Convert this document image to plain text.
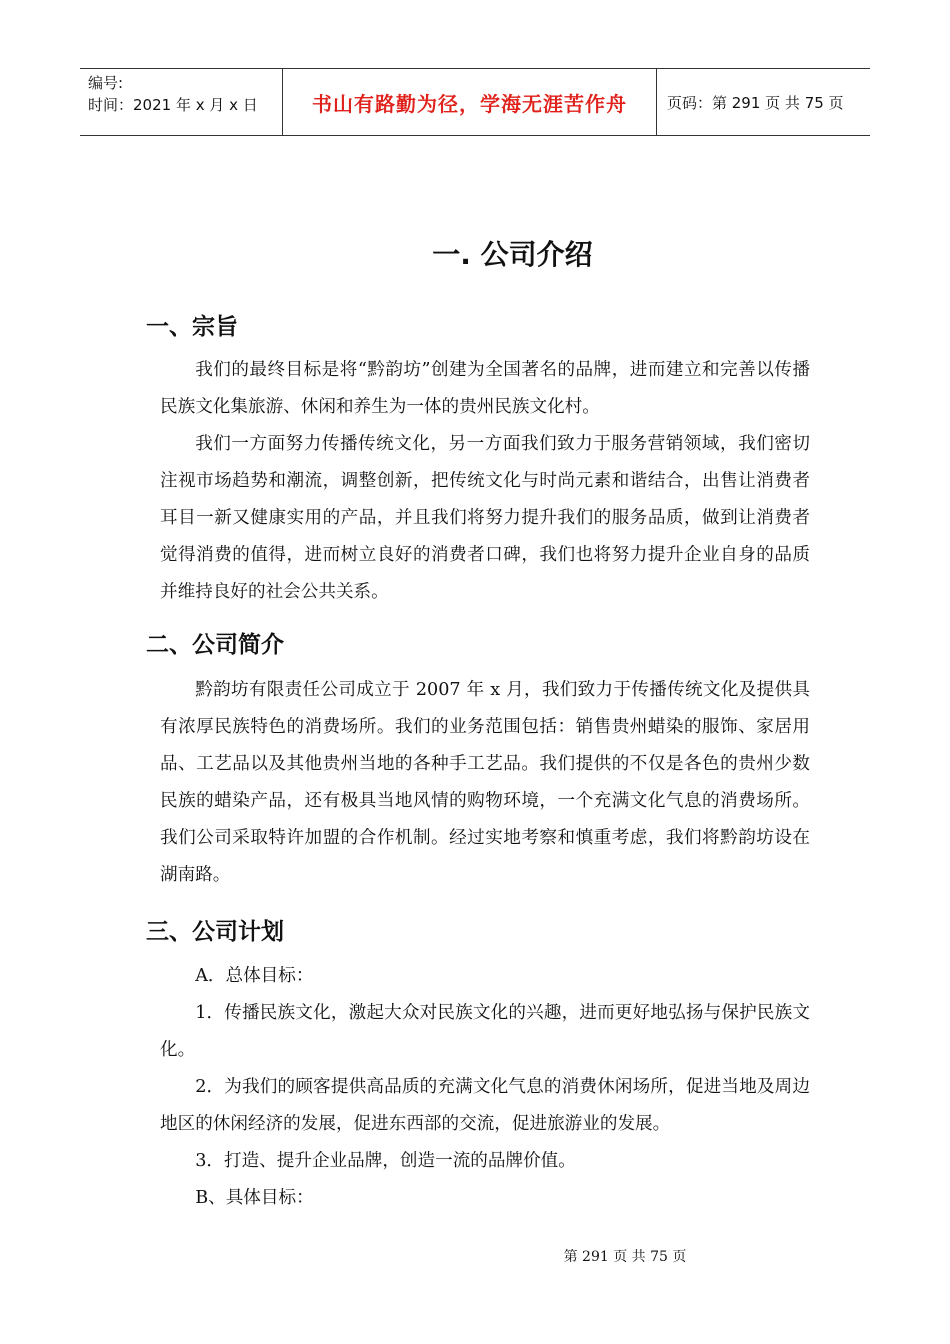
编号:
时间：2021 年 x 月 x 日	书山有路勤为径，学海无涯苦作舟	页码：第 291 页 共 75 页
一. 公司介绍
一、宗旨

我们的最终目标是将“黔韵坊”创建为全国著名的品牌，进而建立和完善以传播民族文化集旅游、休闲和养生为一体的贵州民族文化村。

我们一方面努力传播传统文化，另一方面我们致力于服务营销领域，我们密切注视市场趋势和潮流，调整创新，把传统文化与时尚元素和谐结合，出售让消费者耳目一新又健康实用的产品，并且我们将努力提升我们的服务品质，做到让消费者觉得消费的值得，进而树立良好的消费者口碑，我们也将努力提升企业自身的品质并维持良好的社会公共关系。

二、公司简介

黔韵坊有限责任公司成立于 2007 年 x 月，我们致力于传播传统文化及提供具有浓厚民族特色的消费场所。我们的业务范围包括：销售贵州蜡染的服饰、家居用品、工艺品以及其他贵州当地的各种手工艺品。我们提供的不仅是各色的贵州少数民族的蜡染产品，还有极具当地风情的购物环境，一个充满文化气息的消费场所。我们公司采取特许加盟的合作机制。经过实地考察和慎重考虑，我们将黔韵坊设在湖南路。

三、公司计划

A．总体目标：

1．传播民族文化，激起大众对民族文化的兴趣，进而更好地弘扬与保护民族文化。

2．为我们的顾客提供高品质的充满文化气息的消费休闲场所，促进当地及周边地区的休闲经济的发展，促进东西部的交流，促进旅游业的发展。

3．打造、提升企业品牌，创造一流的品牌价值。

B、具体目标：

第 291 页 共 75 页
